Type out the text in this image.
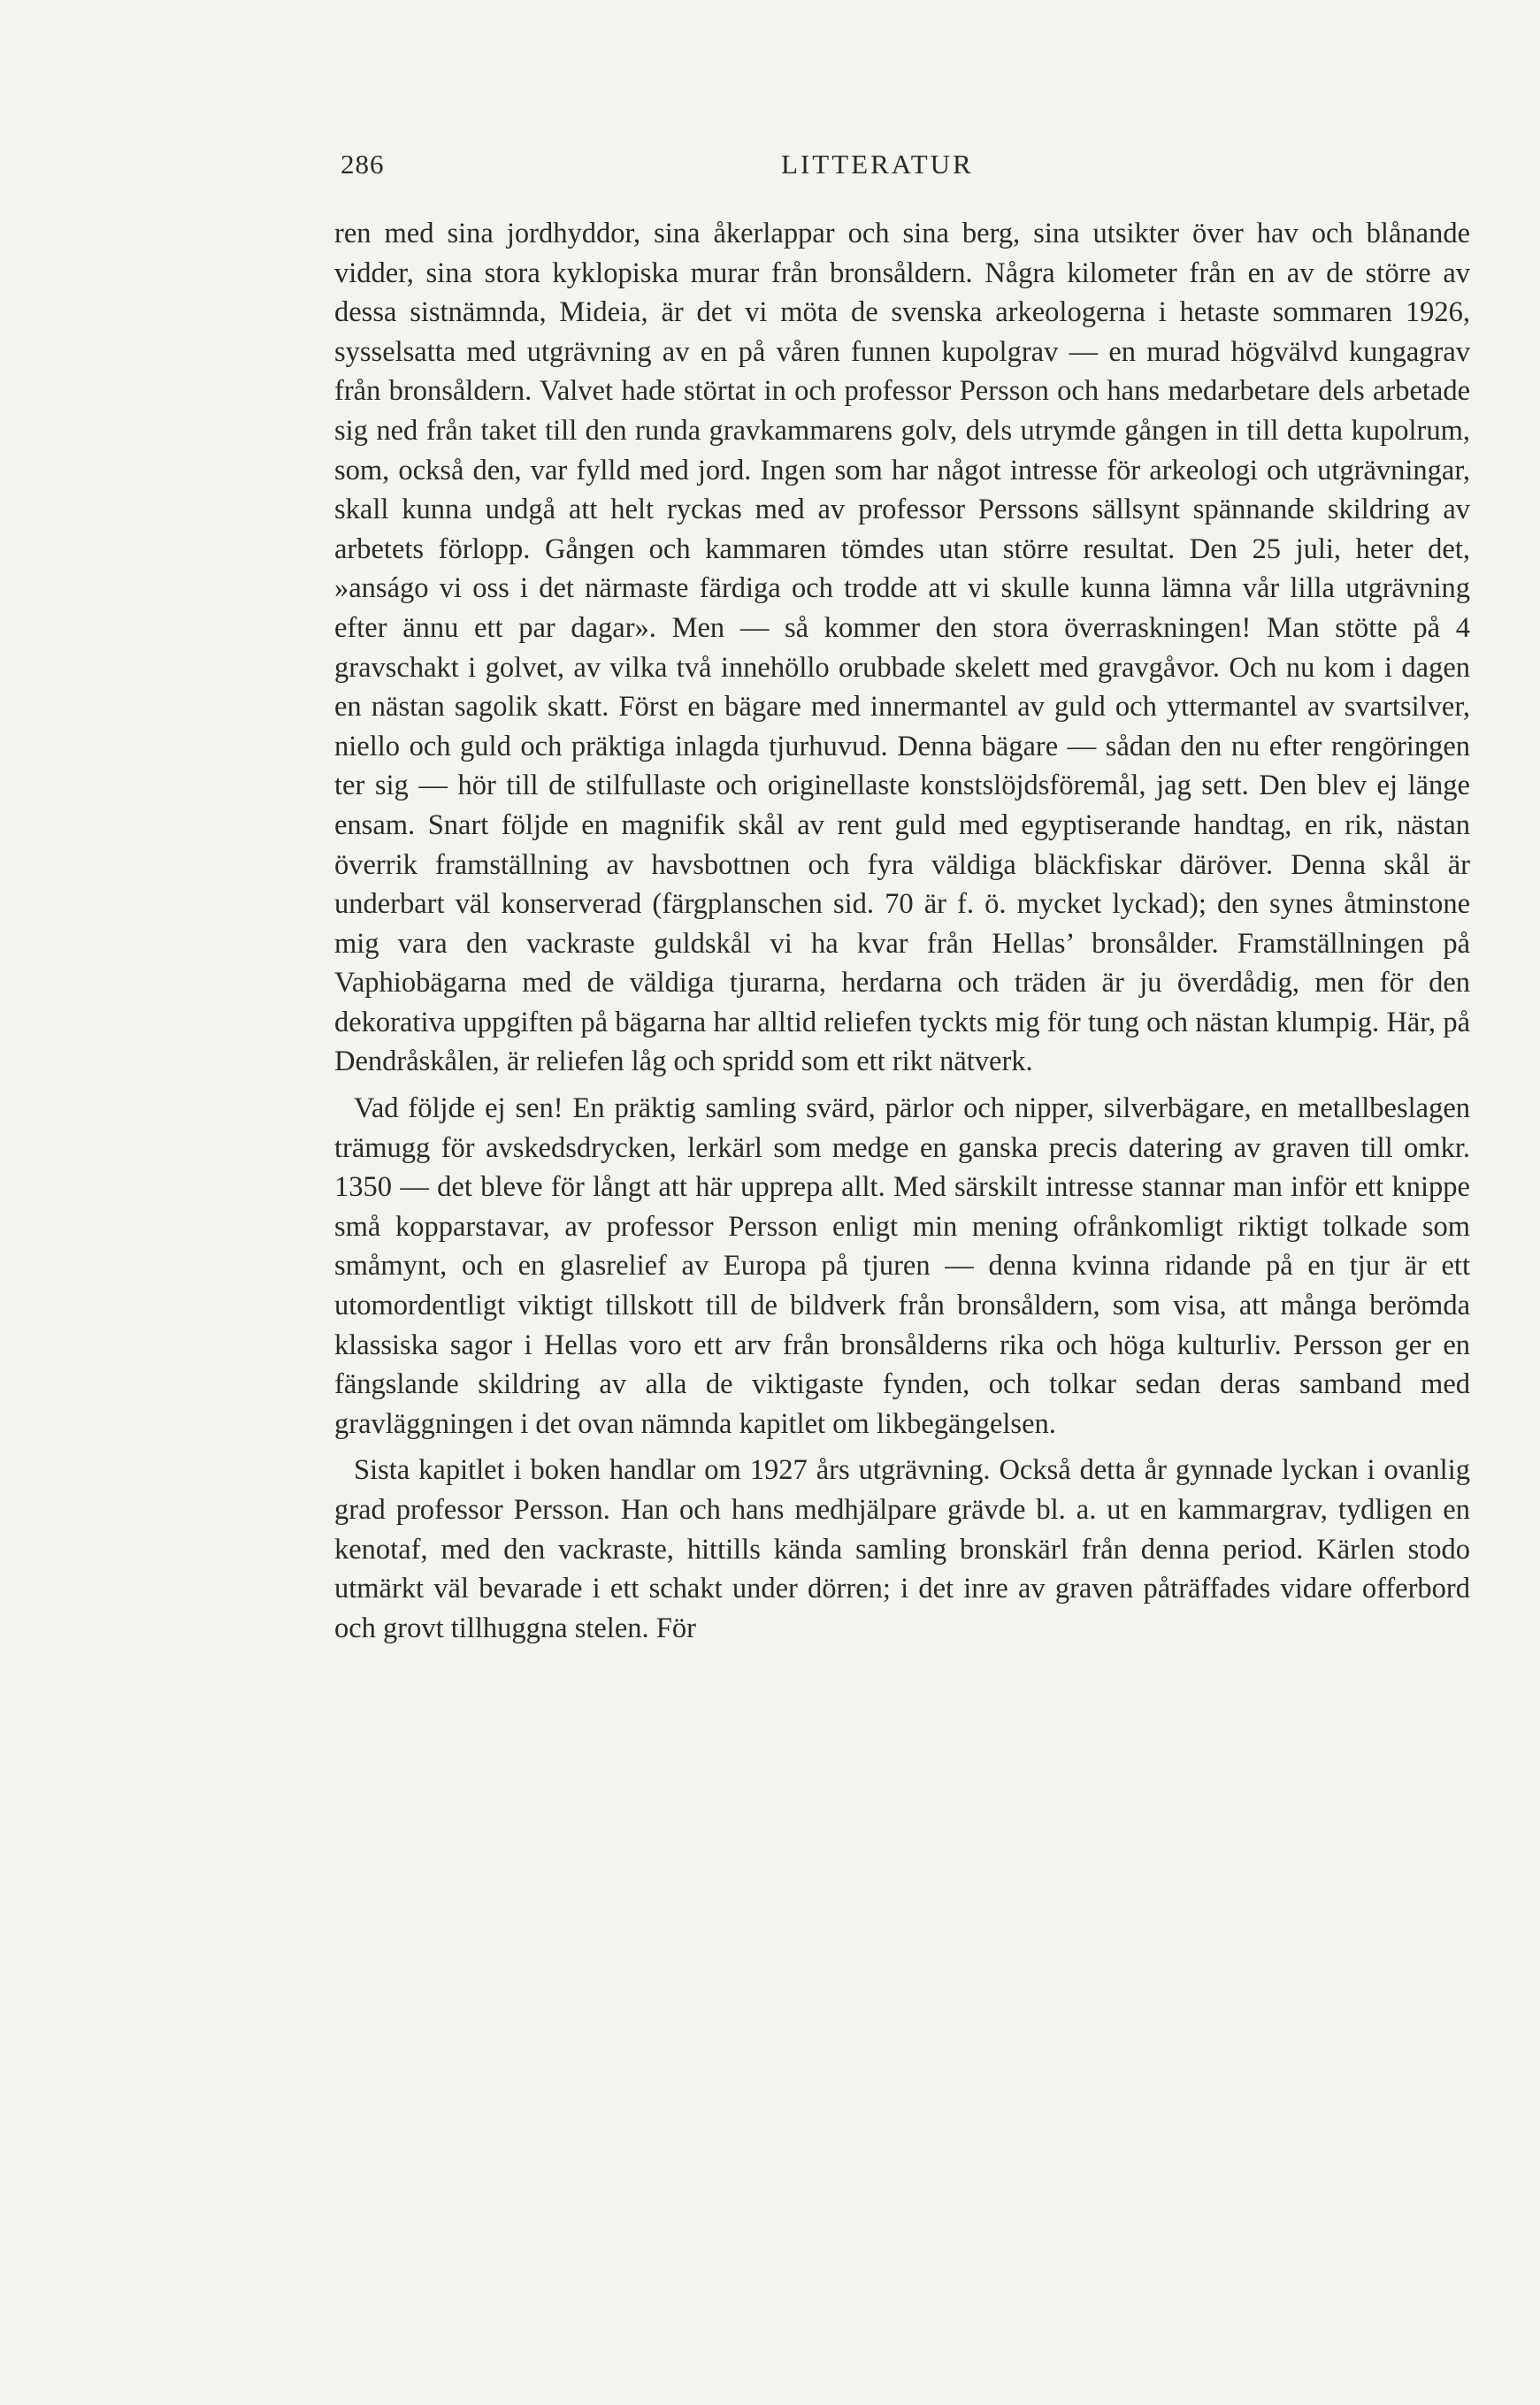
286	LITTERATUR

ren med sina jordhyddor, sina åkerlappar och sina berg, sina utsikter över hav och blånande vidder, sina stora kyklopiska murar från bronsåldern. Några kilometer från en av de större av dessa sistnämnda, Mideia, är det vi möta de svenska arkeologerna i hetaste sommaren 1926, sysselsatta med utgrävning av en på våren funnen kupolgrav — en murad högvälvd kungagrav från bronsåldern. Valvet hade störtat in och professor Persson och hans medarbetare dels arbetade sig ned från taket till den runda gravkammarens golv, dels utrymde gången in till detta kupolrum, som, också den, var fylld med jord. Ingen som har något intresse för arkeologi och utgrävningar, skall kunna undgå att helt ryckas med av professor Perssons sällsynt spännande skildring av arbetets förlopp. Gången och kammaren tömdes utan större resultat. Den 25 juli, heter det, »anságo vi oss i det närmaste färdiga och trodde att vi skulle kunna lämna vår lilla utgrävning efter ännu ett par dagar». Men — så kommer den stora överraskningen! Man stötte på 4 gravschakt i golvet, av vilka två innehöllo orubbade skelett med gravgåvor. Och nu kom i dagen en nästan sagolik skatt. Först en bägare med innermantel av guld och yttermantel av svartsilver, niello och guld och präktiga inlagda tjurhuvud. Denna bägare — sådan den nu efter rengöringen ter sig — hör till de stilfullaste och originellaste konstslöjdsföremål, jag sett. Den blev ej länge ensam. Snart följde en magnifik skål av rent guld med egyptiserande handtag, en rik, nästan överrik framställning av havsbottnen och fyra väldiga bläckfiskar däröver. Denna skål är underbart väl konserverad (färgplanschen sid. 70 är f. ö. mycket lyckad); den synes åtminstone mig vara den vackraste guldskål vi ha kvar från Hellas’ bronsålder. Framställningen på Vaphiobägarna med de väldiga tjurarna, herdarna och träden är ju överdådig, men för den dekorativa uppgiften på bägarna har alltid reliefen tyckts mig för tung och nästan klumpig. Här, på Dendråskålen, är reliefen låg och spridd som ett rikt nätverk.

Vad följde ej sen! En präktig samling svärd, pärlor och nipper, silverbägare, en metallbeslagen trämugg för avskedsdrycken, lerkärl som medge en ganska precis datering av graven till omkr. 1350 — det bleve för långt att här upprepa allt. Med särskilt intresse stannar man inför ett knippe små kopparstavar, av professor Persson enligt min mening ofrånkomligt riktigt tolkade som småmynt, och en glasrelief av Europa på tjuren — denna kvinna ridande på en tjur är ett utomordentligt viktigt tillskott till de bildverk från bronsåldern, som visa, att många berömda klassiska sagor i Hellas voro ett arv från bronsålderns rika och höga kulturliv. Persson ger en fängslande skildring av alla de viktigaste fynden, och tolkar sedan deras samband med gravläggningen i det ovan nämnda kapitlet om likbegängelsen.

Sista kapitlet i boken handlar om 1927 års utgrävning. Också detta år gynnade lyckan i ovanlig grad professor Persson. Han och hans medhjälpare grävde bl. a. ut en kammargrav, tydligen en kenotaf, med den vackraste, hittills kända samling bronskärl från denna period. Kärlen stodo utmärkt väl bevarade i ett schakt under dörren; i det inre av graven påträffades vidare offerbord och grovt tillhuggna stelen. För
